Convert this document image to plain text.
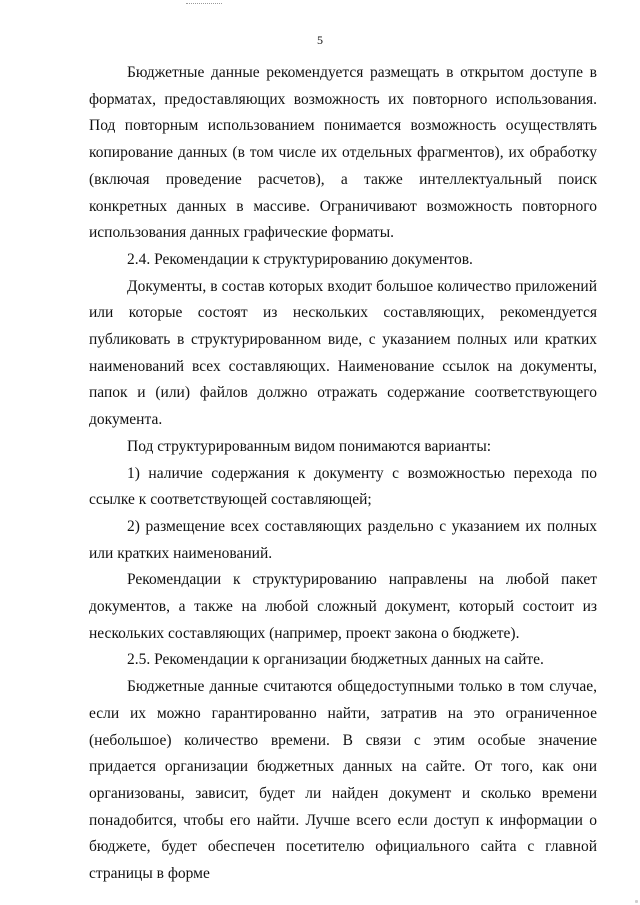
5

Бюджетные данные рекомендуется размещать в открытом доступе в форматах, предоставляющих возможность их повторного использования. Под повторным использованием понимается возможность осуществлять копирование данных (в том числе их отдельных фрагментов), их обработку (включая проведение расчетов), а также интеллектуальный поиск конкретных данных в массиве. Ограничивают возможность повторного использования данных графические форматы.

2.4. Рекомендации к структурированию документов.

Документы, в состав которых входит большое количество приложений или которые состоят из нескольких составляющих, рекомендуется публиковать в структурированном виде, с указанием полных или кратких наименований всех составляющих. Наименование ссылок на документы, папок и (или) файлов должно отражать содержание соответствующего документа.

Под структурированным видом понимаются варианты:

1) наличие содержания к документу с возможностью перехода по ссылке к соответствующей составляющей;

2) размещение всех составляющих раздельно с указанием их полных или кратких наименований.

Рекомендации к структурированию направлены на любой пакет документов, а также на любой сложный документ, который состоит из нескольких составляющих (например, проект закона о бюджете).

2.5. Рекомендации к организации бюджетных данных на сайте.

Бюджетные данные считаются общедоступными только в том случае, если их можно гарантированно найти, затратив на это ограниченное (небольшое) количество времени. В связи с этим особые значение придается организации бюджетных данных на сайте. От того, как они организованы, зависит, будет ли найден документ и сколько времени понадобится, чтобы его найти. Лучше всего если доступ к информации о бюджете, будет обеспечен посетителю официального сайта с главной страницы в форме
